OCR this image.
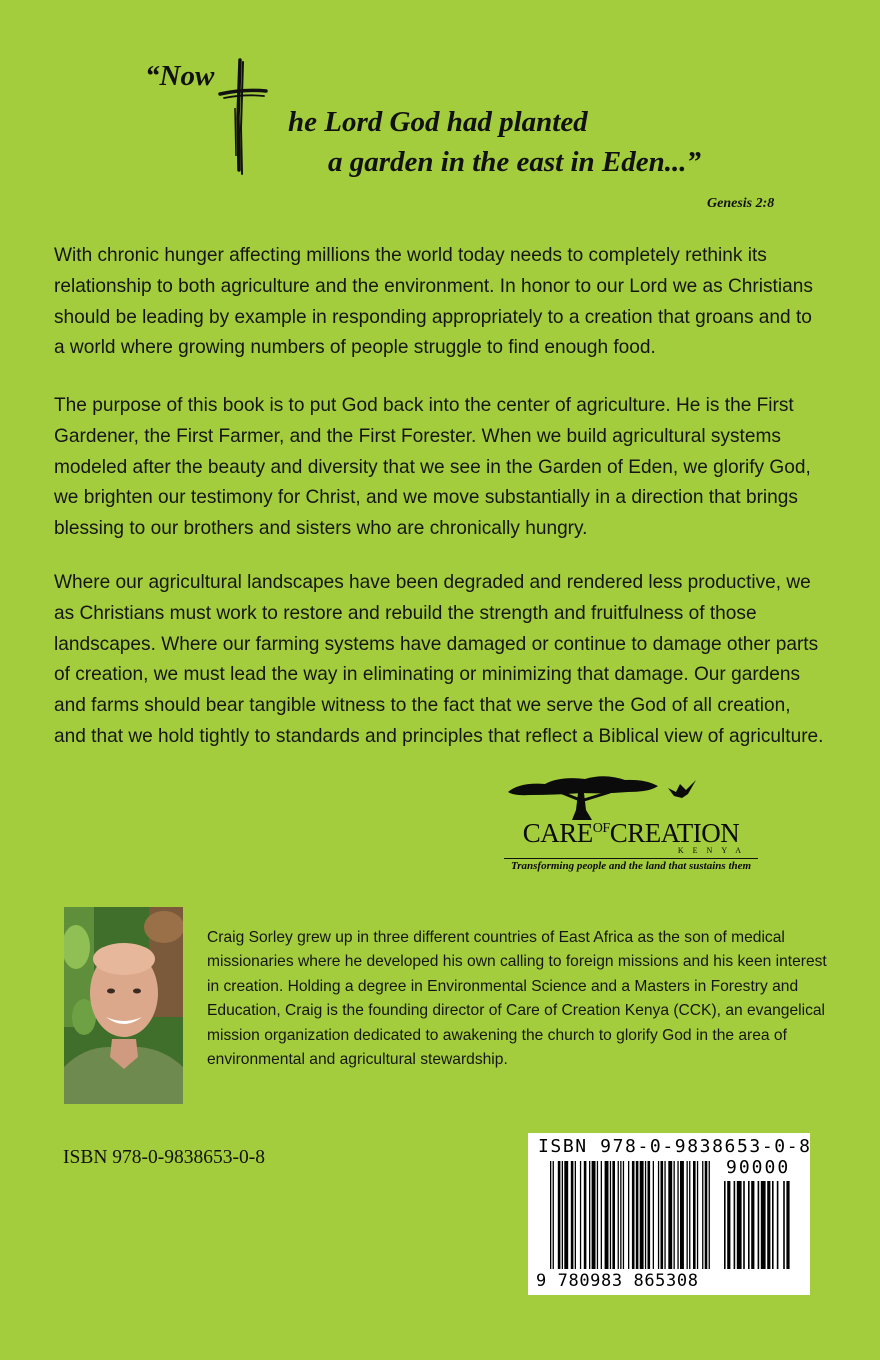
“Now
he Lord God had planted
a garden in the east in Eden...”
Genesis 2:8

With chronic hunger affecting millions the world today needs to completely rethink its relationship to both agriculture and the environment. In honor to our Lord we as Christians should be leading by example in responding appropriately to a creation that groans and to a world where growing numbers of people struggle to find enough food.

The purpose of this book is to put God back into the center of agriculture. He is the First Gardener, the First Farmer, and the First Forester. When we build agricultural systems modeled after the beauty and diversity that we see in the Garden of Eden, we glorify God, we brighten our testimony for Christ, and we move substantially in a direction that brings blessing to our brothers and sisters who are chronically hungry.

Where our agricultural landscapes have been degraded and rendered less productive, we as Christians must work to restore and rebuild the strength and fruitfulness of those landscapes. Where our farming systems have damaged or continue to damage other parts of creation, we must lead the way in eliminating or minimizing that damage. Our gardens and farms should bear tangible witness to the fact that we serve the God of all creation, and that we hold tightly to standards and principles that reflect a Biblical view of agriculture.

$CARE^{OF}CREATION$
KENYA
Transforming people and the land that sustains them

Craig Sorley grew up in three different countries of East Africa as the son of medical missionaries where he developed his own calling to foreign missions and his keen interest in creation. Holding a degree in Environmental Science and a Masters in Forestry and Education, Craig is the founding director of Care of Creation Kenya (CCK), an evangelical mission organization dedicated to awakening the church to glorify God in the area of environmental and agricultural stewardship.

ISBN 978-0-9838653-0-8
ISBN 978-0-9838653-0-8
90000
9 780983 865308
